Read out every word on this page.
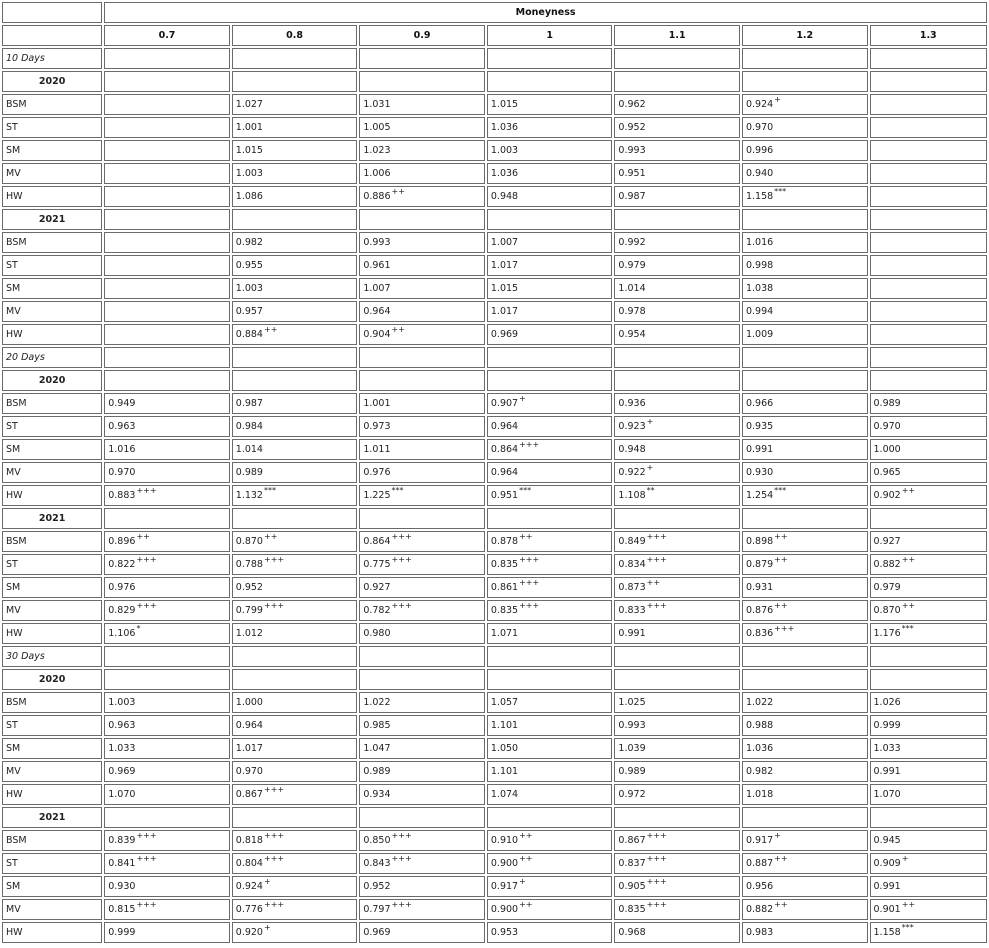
	Moneyness						
	0.7	0.8	0.9	1	1.1	1.2	1.3
10 Days							
2020							
BSM		1.027	1.031	1.015	0.962	0.924+	
ST		1.001	1.005	1.036	0.952	0.970	
SM		1.015	1.023	1.003	0.993	0.996	
MV		1.003	1.006	1.036	0.951	0.940	
HW		1.086	0.886++	0.948	0.987	1.158***	
2021							
BSM		0.982	0.993	1.007	0.992	1.016	
ST		0.955	0.961	1.017	0.979	0.998	
SM		1.003	1.007	1.015	1.014	1.038	
MV		0.957	0.964	1.017	0.978	0.994	
HW		0.884++	0.904++	0.969	0.954	1.009	
20 Days							
2020							
BSM	0.949	0.987	1.001	0.907+	0.936	0.966	0.989
ST	0.963	0.984	0.973	0.964	0.923+	0.935	0.970
SM	1.016	1.014	1.011	0.864+++	0.948	0.991	1.000
MV	0.970	0.989	0.976	0.964	0.922+	0.930	0.965
HW	0.883+++	1.132***	1.225***	0.951***	1.108**	1.254***	0.902++
2021							
BSM	0.896++	0.870++	0.864+++	0.878++	0.849+++	0.898++	0.927
ST	0.822+++	0.788+++	0.775+++	0.835+++	0.834+++	0.879++	0.882++
SM	0.976	0.952	0.927	0.861+++	0.873++	0.931	0.979
MV	0.829+++	0.799+++	0.782+++	0.835+++	0.833+++	0.876++	0.870++
HW	1.106*	1.012	0.980	1.071	0.991	0.836+++	1.176***
30 Days							
2020							
BSM	1.003	1.000	1.022	1.057	1.025	1.022	1.026
ST	0.963	0.964	0.985	1.101	0.993	0.988	0.999
SM	1.033	1.017	1.047	1.050	1.039	1.036	1.033
MV	0.969	0.970	0.989	1.101	0.989	0.982	0.991
HW	1.070	0.867+++	0.934	1.074	0.972	1.018	1.070
2021							
BSM	0.839+++	0.818+++	0.850+++	0.910++	0.867+++	0.917+	0.945
ST	0.841+++	0.804+++	0.843+++	0.900++	0.837+++	0.887++	0.909+
SM	0.930	0.924+	0.952	0.917+	0.905+++	0.956	0.991
MV	0.815+++	0.776+++	0.797+++	0.900++	0.835+++	0.882++	0.901++
HW	0.999	0.920+	0.969	0.953	0.968	0.983	1.158***
